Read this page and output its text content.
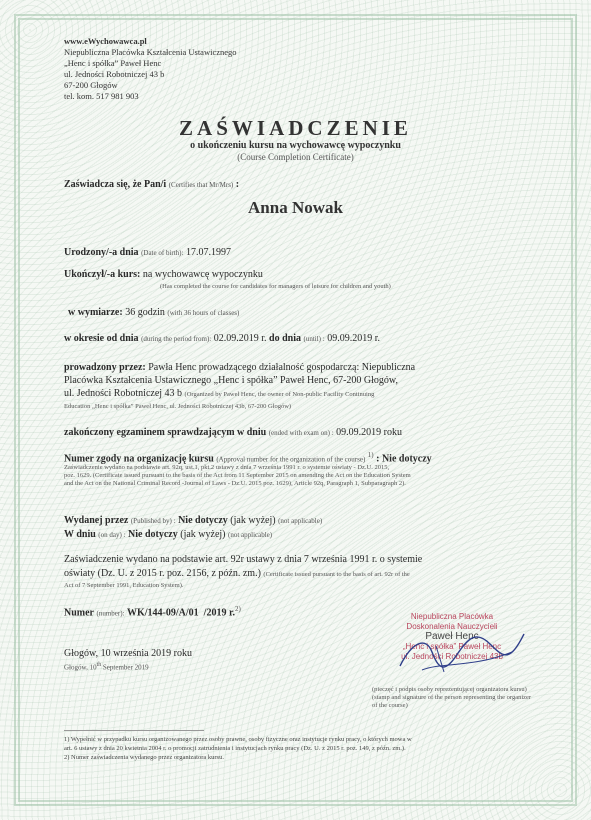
www.eWychowawca.pl
Niepubliczna Placówka Kształcenia Ustawicznego
„Henc i spółka” Paweł Henc
ul. Jedności Robotniczej 43 b
67-200 Głogów
tel. kom. 517 981 903
ZAŚWIADCZENIE
o ukończeniu kursu na wychowawcę wypoczynku
(Course Completion Certificate)
Zaświadcza się, że Pan/i (Certifies that Mr/Mrs) :
Anna Nowak
Urodzony/-a dnia (Date of birth): 17.07.1997
Ukończył/-a kurs: na wychowawcę wypoczynku
(Has completed the course for candidates for managers of leisure for children and youth)
w wymiarze: 36 godzin (with 36 hours of classes)
w okresie od dnia (during the period from): 02.09.2019 r. do dnia (until) : 09.09.2019 r.
prowadzony przez: Pawła Henc prowadzącego działalność gospodarczą: Niepubliczna
Placówka Kształcenia Ustawicznego „Henc i spółka” Paweł Henc, 67-200 Głogów,
ul. Jedności Robotniczej 43 b (Organized by Paweł Henc, the owner of Non-public Facility Continuing
Education „Henc i spółka” Paweł Henc, ul. Jedności Robotniczej 43b, 67-200 Głogów)
zakończony egzaminem sprawdzającym w dniu (ended with exam on) : 09.09.2019 roku
Numer zgody na organizację kursu (Approval number for the organization of the course) $^{1)}$ : Nie dotyczy
Zaświadczenie wydano na podstawie art. 92q, ust.1, pkt.2 ustawy z dnia 7 września 1991 r. o systemie oświaty - Dz.U. 2015,
poz. 1629. (Certificate issued pursuant to the basis of the Act from 11 September 2015 on amending the Act on the Education System
and the Act on the National Criminal Record -Journal of Laws - Dz.U. 2015 poz. 1629), Article 92q, Paragraph 1, Subparagraph 2).
Wydanej przez (Published by) : Nie dotyczy (jak wyżej) (not applicable)
W dniu (on day) : Nie dotyczy (jak wyżej) (not applicable)
Zaświadczenie wydano na podstawie art. 92r ustawy z dnia 7 września 1991 r. o systemie
oświaty (Dz. U. z 2015 r. poz. 2156, z późn. zm.) (Certificate issued pursuant to the basis of art. 92r of the
Act of 7 September 1991, Education System).
Numer (number): WK/144-09/A/01 /2019 r.$^{2)}$
Głogów, 10 września 2019 roku
Głogów, 10th September 2019
Niepubliczna Placówka
Doskonalenia Nauczycieli
Paweł Henc
„Henc i spółka” Paweł Henc
ul. Jedności Robotniczej 43b
(pieczęć i podpis osoby reprezentującej organizatora kursu)
(stamp and signature of the person representing the organizer
of the course)
1) Wypełnić w przypadku kursu organizowanego przez osoby prawne, osoby fizyczne oraz instytucje rynku pracy, o których mowa w
art. 6 ustawy z dnia 20 kwietnia 2004 r. o promocji zatrudnienia i instytucjach rynku pracy (Dz. U. z 2015 r. poz. 149, z późn. zm.).
2) Numer zaświadczenia wydanego przez organizatora kursu.
